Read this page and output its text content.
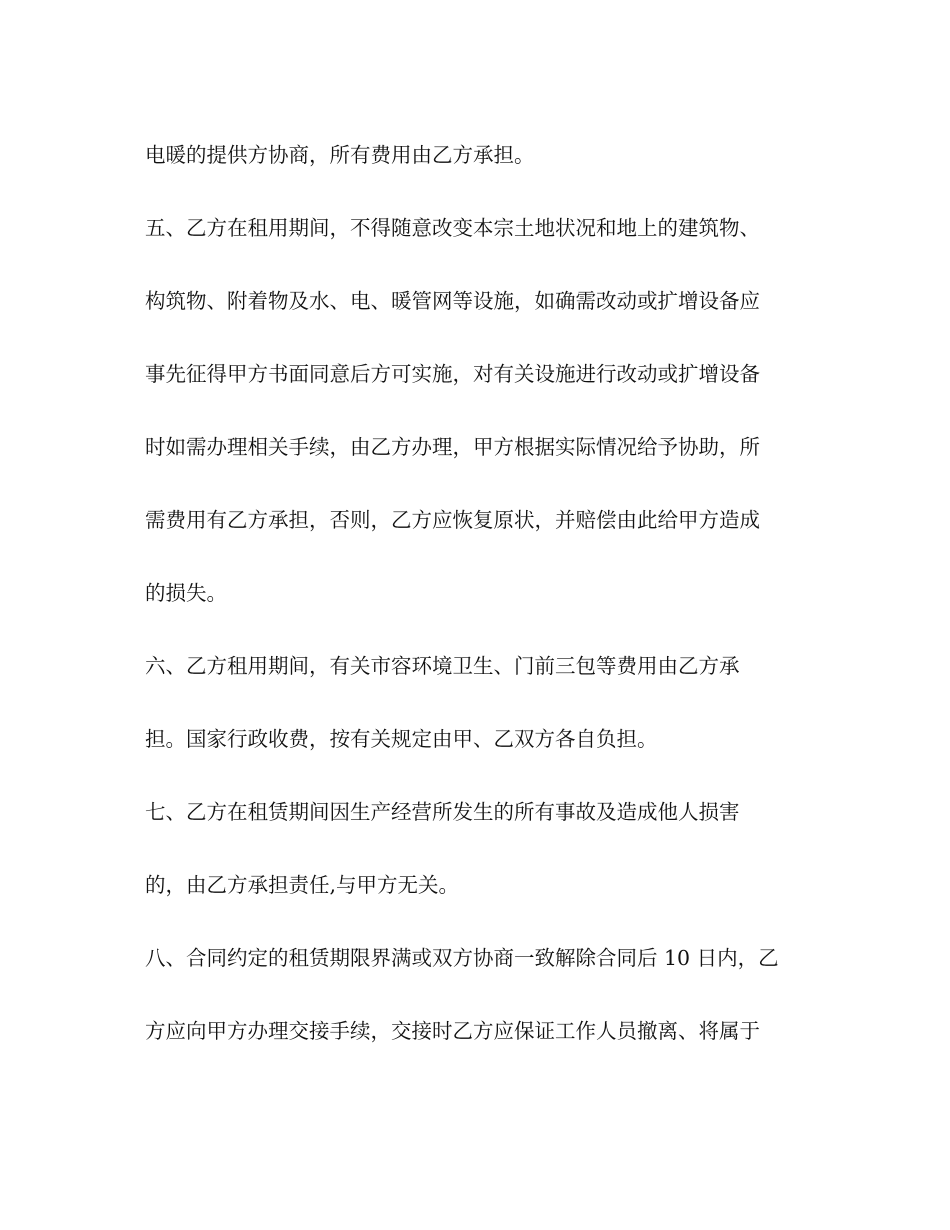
电暖的提供方协商，所有费用由乙方承担。

五、乙方在租用期间，不得随意改变本宗土地状况和地上的建筑物、

构筑物、附着物及水、电、暖管网等设施，如确需改动或扩增设备应

事先征得甲方书面同意后方可实施，对有关设施进行改动或扩增设备

时如需办理相关手续，由乙方办理，甲方根据实际情况给予协助，所

需费用有乙方承担，否则，乙方应恢复原状，并赔偿由此给甲方造成

的损失。

六、乙方租用期间，有关市容环境卫生、门前三包等费用由乙方承

担。国家行政收费，按有关规定由甲、乙双方各自负担。

七、乙方在租赁期间因生产经营所发生的所有事故及造成他人损害

的，由乙方承担责任,与甲方无关。

八、合同约定的租赁期限界满或双方协商一致解除合同后 10 日内，乙

方应向甲方办理交接手续，交接时乙方应保证工作人员撤离、将属于
